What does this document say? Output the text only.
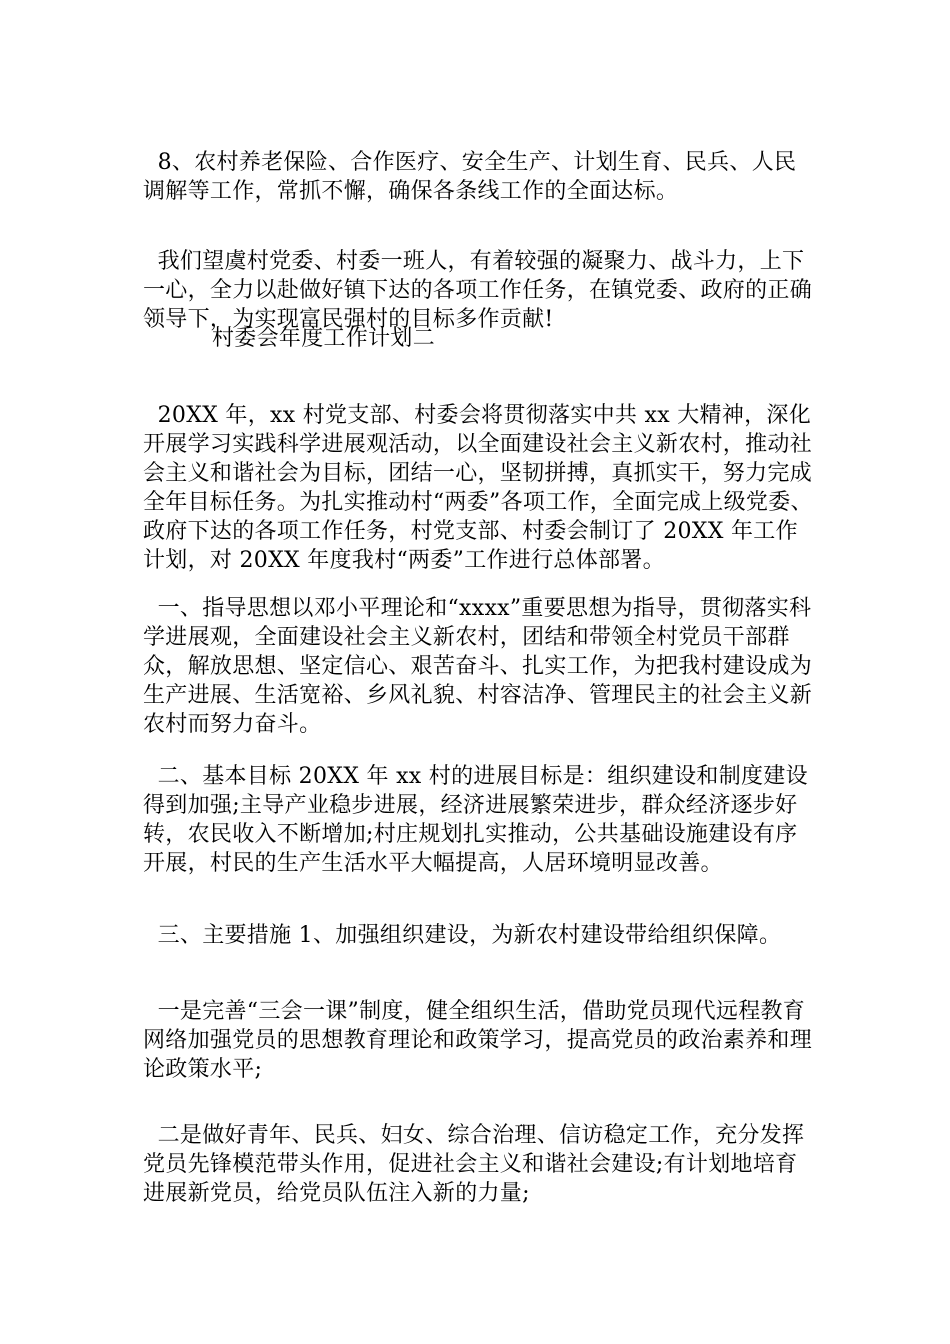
8、农村养老保险、合作医疗、安全生产、计划生育、民兵、人民调解等工作，常抓不懈，确保各条线工作的全面达标。
我们望虞村党委、村委一班人，有着较强的凝聚力、战斗力，上下一心，全力以赴做好镇下达的各项工作任务，在镇党委、政府的正确领导下，为实现富民强村的目标多作贡献!
村委会年度工作计划二
20XX 年，xx 村党支部、村委会将贯彻落实中共 xx 大精神，深化开展学习实践科学进展观活动，以全面建设社会主义新农村，推动社会主义和谐社会为目标，团结一心，坚韧拼搏，真抓实干，努力完成全年目标任务。为扎实推动村“两委”各项工作，全面完成上级党委、政府下达的各项工作任务，村党支部、村委会制订了 20XX 年工作计划，对 20XX 年度我村“两委”工作进行总体部署。
一、指导思想以邓小平理论和“xxxx”重要思想为指导，贯彻落实科学进展观，全面建设社会主义新农村，团结和带领全村党员干部群众，解放思想、坚定信心、艰苦奋斗、扎实工作，为把我村建设成为生产进展、生活宽裕、乡风礼貌、村容洁净、管理民主的社会主义新农村而努力奋斗。
二、基本目标 20XX 年 xx 村的进展目标是：组织建设和制度建设得到加强;主导产业稳步进展，经济进展繁荣进步，群众经济逐步好转，农民收入不断增加;村庄规划扎实推动，公共基础设施建设有序开展，村民的生产生活水平大幅提高，人居环境明显改善。
三、主要措施 1、加强组织建设，为新农村建设带给组织保障。
一是完善“三会一课”制度，健全组织生活，借助党员现代远程教育网络加强党员的思想教育理论和政策学习，提高党员的政治素养和理论政策水平;
二是做好青年、民兵、妇女、综合治理、信访稳定工作，充分发挥党员先锋模范带头作用，促进社会主义和谐社会建设;有计划地培育进展新党员，给党员队伍注入新的力量;
